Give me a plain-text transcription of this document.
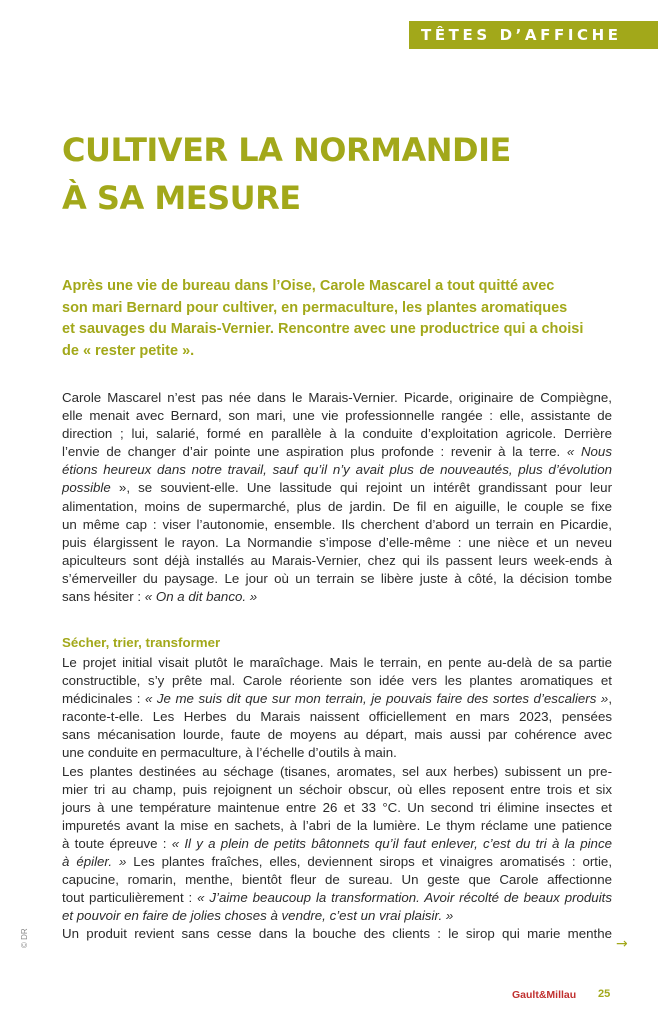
TÊTES D’AFFICHE
CULTIVER LA NORMANDIE
À SA MESURE
Après une vie de bureau dans l’Oise, Carole Mascarel a tout quitté avec
son mari Bernard pour cultiver, en permaculture, les plantes aromatiques
et sauvages du Marais-Vernier. Rencontre avec une productrice qui a choisi
de « rester petite ».
Carole Mascarel n’est pas née dans le Marais-Vernier. Picarde, originaire de Compiègne,
elle menait avec Bernard, son mari, une vie professionnelle rangée : elle, assistante de
direction ; lui, salarié, formé en parallèle à la conduite d’exploitation agricole. Derrière
l’envie de changer d’air pointe une aspiration plus profonde : revenir à la terre. « Nous
étions heureux dans notre travail, sauf qu’il n’y avait plus de nouveautés, plus d’évolution
possible », se souvient-elle. Une lassitude qui rejoint un intérêt grandissant pour leur
alimentation, moins de supermarché, plus de jardin. De fil en aiguille, le couple se fixe
un même cap : viser l’autonomie, ensemble. Ils cherchent d’abord un terrain en Picardie,
puis élargissent le rayon. La Normandie s’impose d’elle-même : une nièce et un neveu
apiculteurs sont déjà installés au Marais-Vernier, chez qui ils passent leurs week-ends à
s’émerveiller du paysage. Le jour où un terrain se libère juste à côté, la décision tombe
sans hésiter : « On a dit banco. »
Sécher, trier, transformer
Le projet initial visait plutôt le maraîchage. Mais le terrain, en pente au-delà de sa partie
constructible, s’y prête mal. Carole réoriente son idée vers les plantes aromatiques et
médicinales : « Je me suis dit que sur mon terrain, je pouvais faire des sortes d’escaliers »,
raconte-t-elle. Les Herbes du Marais naissent officiellement en mars 2023, pensées
sans mécanisation lourde, faute de moyens au départ, mais aussi par cohérence avec
une conduite en permaculture, à l’échelle d’outils à main.
Les plantes destinées au séchage (tisanes, aromates, sel aux herbes) subissent un pre-
mier tri au champ, puis rejoignent un séchoir obscur, où elles reposent entre trois et six
jours à une température maintenue entre 26 et 33 °C. Un second tri élimine insectes et
impuretés avant la mise en sachets, à l’abri de la lumière. Le thym réclame une patience
à toute épreuve : « Il y a plein de petits bâtonnets qu’il faut enlever, c’est du tri à la pince
à épiler. » Les plantes fraîches, elles, deviennent sirops et vinaigres aromatisés : ortie,
capucine, romarin, menthe, bientôt fleur de sureau. Un geste que Carole affectionne
tout particulièrement : « J’aime beaucoup la transformation. Avoir récolté de beaux produits
et pouvoir en faire de jolies choses à vendre, c’est un vrai plaisir. »
Un produit revient sans cesse dans la bouche des clients : le sirop qui marie menthe
© DR	→
Gault&Millau 25
